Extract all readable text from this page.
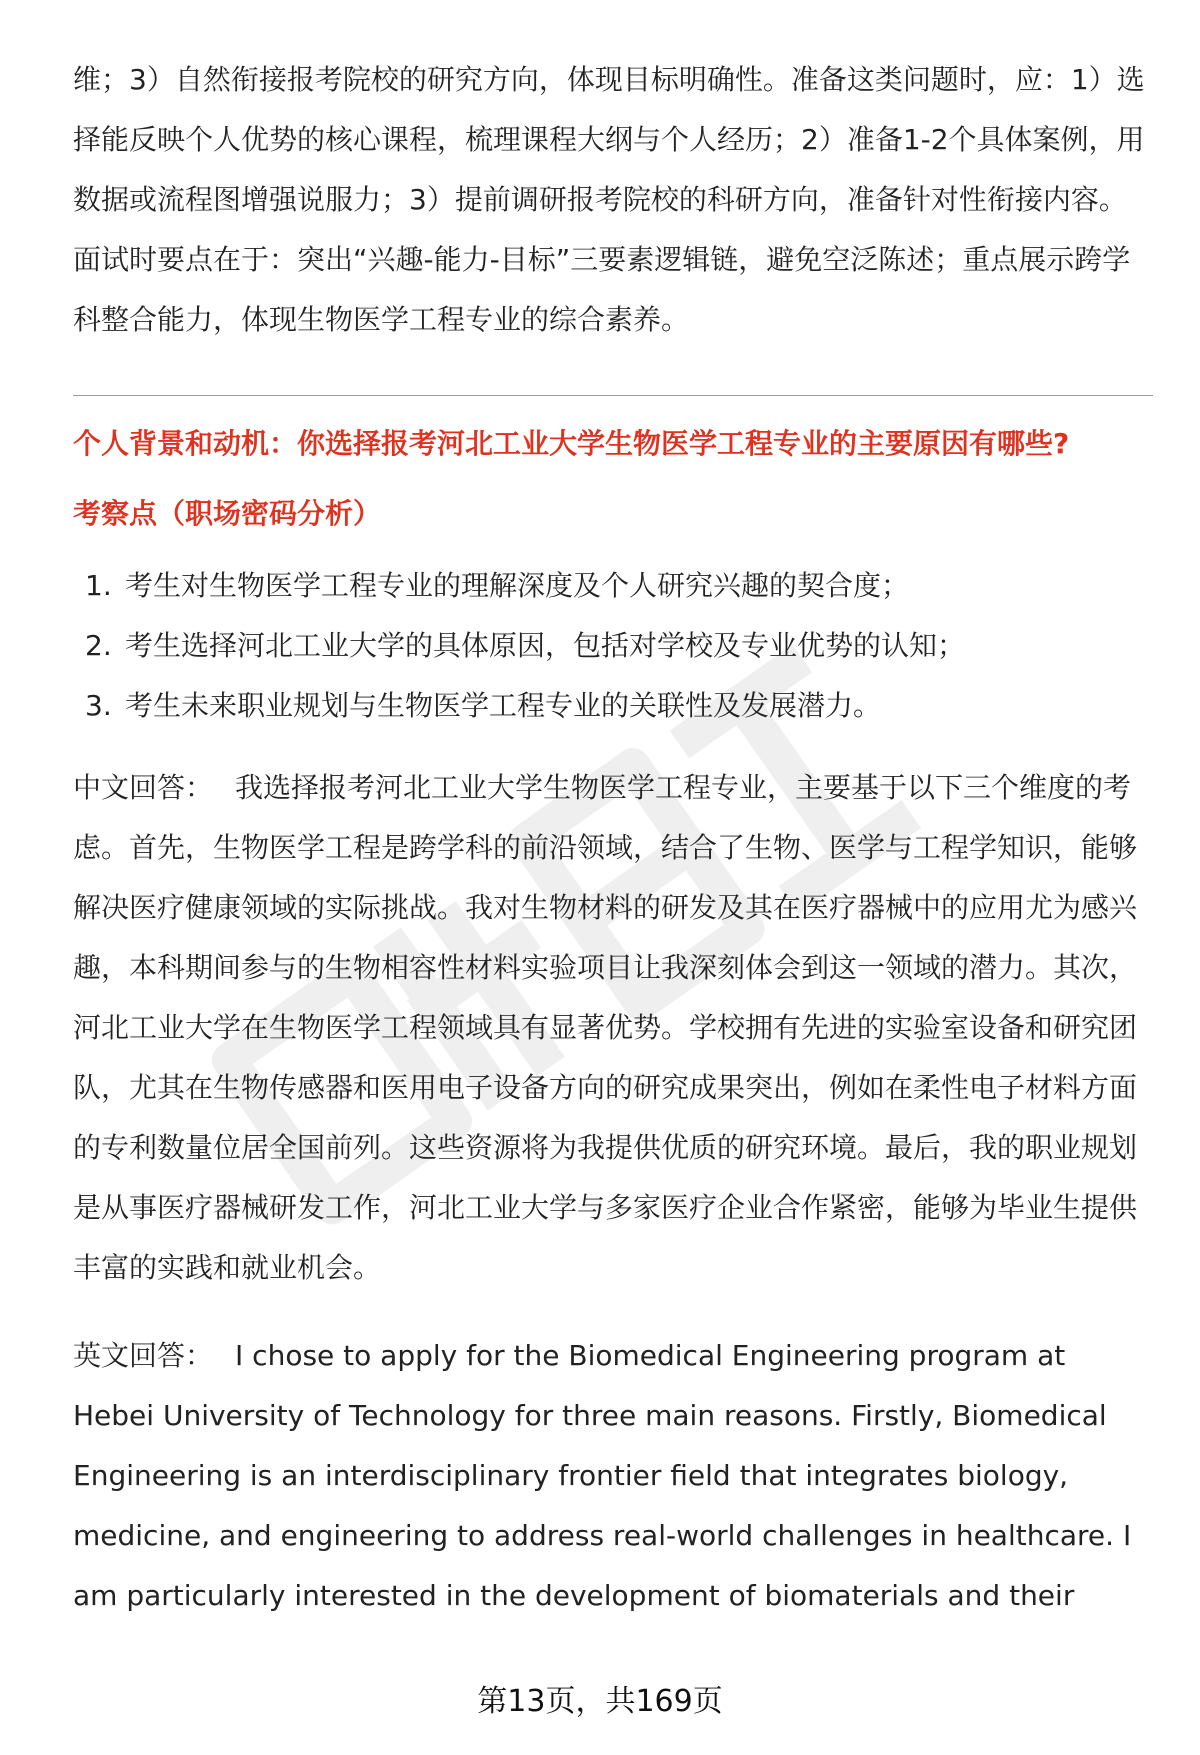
维；3）自然衔接报考院校的研究方向，体现目标明确性。准备这类问题时，应：1）选择能反映个人优势的核心课程，梳理课程大纲与个人经历；2）准备1-2个具体案例，用数据或流程图增强说服力；3）提前调研报考院校的科研方向，准备针对性衔接内容。面试时要点在于：突出“兴趣-能力-目标”三要素逻辑链，避免空泛陈述；重点展示跨学科整合能力，体现生物医学工程专业的综合素养。

个人背景和动机：你选择报考河北工业大学生物医学工程专业的主要原因有哪些?
考察点（职场密码分析）
1. 考生对生物医学工程专业的理解深度及个人研究兴趣的契合度；
2. 考生选择河北工业大学的具体原因，包括对学校及专业优势的认知；
3. 考生未来职业规划与生物医学工程专业的关联性及发展潜力。

中文回答： 我选择报考河北工业大学生物医学工程专业，主要基于以下三个维度的考虑。首先，生物医学工程是跨学科的前沿领域，结合了生物、医学与工程学知识，能够解决医疗健康领域的实际挑战。我对生物材料的研发及其在医疗器械中的应用尤为感兴趣，本科期间参与的生物相容性材料实验项目让我深刻体会到这一领域的潜力。其次，河北工业大学在生物医学工程领域具有显著优势。学校拥有先进的实验室设备和研究团队，尤其在生物传感器和医用电子设备方向的研究成果突出，例如在柔性电子材料方面的专利数量位居全国前列。这些资源将为我提供优质的研究环境。最后，我的职业规划是从事医疗器械研发工作，河北工业大学与多家医疗企业合作紧密，能够为毕业生提供丰富的实践和就业机会。

英文回答： I chose to apply for the Biomedical Engineering program at Hebei University of Technology for three main reasons. Firstly, Biomedical Engineering is an interdisciplinary frontier field that integrates biology, medicine, and engineering to address real-world challenges in healthcare. I am particularly interested in the development of biomaterials and their

第13页，共169页
